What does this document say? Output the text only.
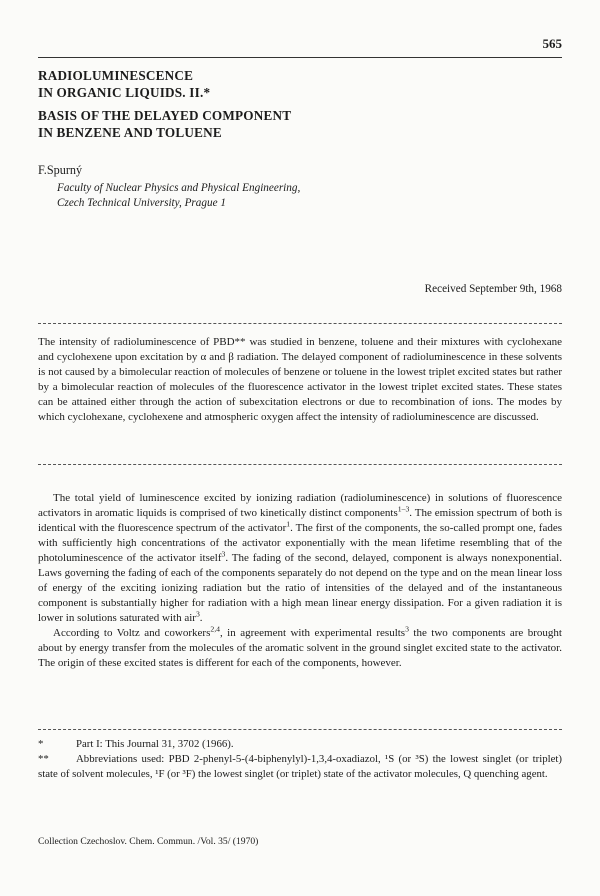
565
RADIOLUMINESCENCE
IN ORGANIC LIQUIDS. II.*
BASIS OF THE DELAYED COMPONENT
IN BENZENE AND TOLUENE
F.Spurný
Faculty of Nuclear Physics and Physical Engineering,
Czech Technical University, Prague 1
Received September 9th, 1968
The intensity of radioluminescence of PBD** was studied in benzene, toluene and their mixtures with cyclohexane and cyclohexene upon excitation by α and β radiation. The delayed component of radioluminescence in these solvents is not caused by a bimolecular reaction of molecules of benzene or toluene in the lowest triplet excited states but rather by a bimolecular reaction of molecules of the fluorescence activator in the lowest triplet excited states. These states can be attained either through the action of subexcitation electrons or due to recombination of ions. The modes by which cyclohexane, cyclohexene and atmospheric oxygen affect the intensity of radioluminescence are discussed.

The total yield of luminescence excited by ionizing radiation (radioluminescence) in solutions of fluorescence activators in aromatic liquids is comprised of two kinetically distinct components$^{1-3}$. The emission spectrum of both is identical with the fluorescence spectrum of the activator$^1$. The first of the components, the so-called prompt one, fades with sufficiently high concentrations of the activator exponentially with the mean lifetime resembling that of the photoluminescence of the activator itself$^3$. The fading of the second, delayed, component is always nonexponential. Laws governing the fading of each of the components separately do not depend on the type and on the mean linear loss of energy of the exciting ionizing radiation but the ratio of intensities of the delayed and of the instantaneous component is substantially higher for radiation with a high mean linear energy dissipation. For a given radiation it is lower in solutions saturated with air$^3$.

According to Voltz and coworkers$^{2,4}$, in agreement with experimental results$^3$ the two components are brought about by energy transfer from the molecules of the aromatic solvent in the ground singlet excited state to the activator. The origin of these excited states is different for each of the components, however.

*	Part I: This Journal 31, 3702 (1966).
**	Abbreviations used: PBD 2-phenyl-5-(4-biphenylyl)-1,3,4-oxadiazol, ¹S (or ³S) the lowest singlet (or triplet) state of solvent molecules, ¹F (or ³F) the lowest singlet (or triplet) state of the activator molecules, Q quenching agent.
Collection Czechoslov. Chem. Commun. /Vol. 35/ (1970)
